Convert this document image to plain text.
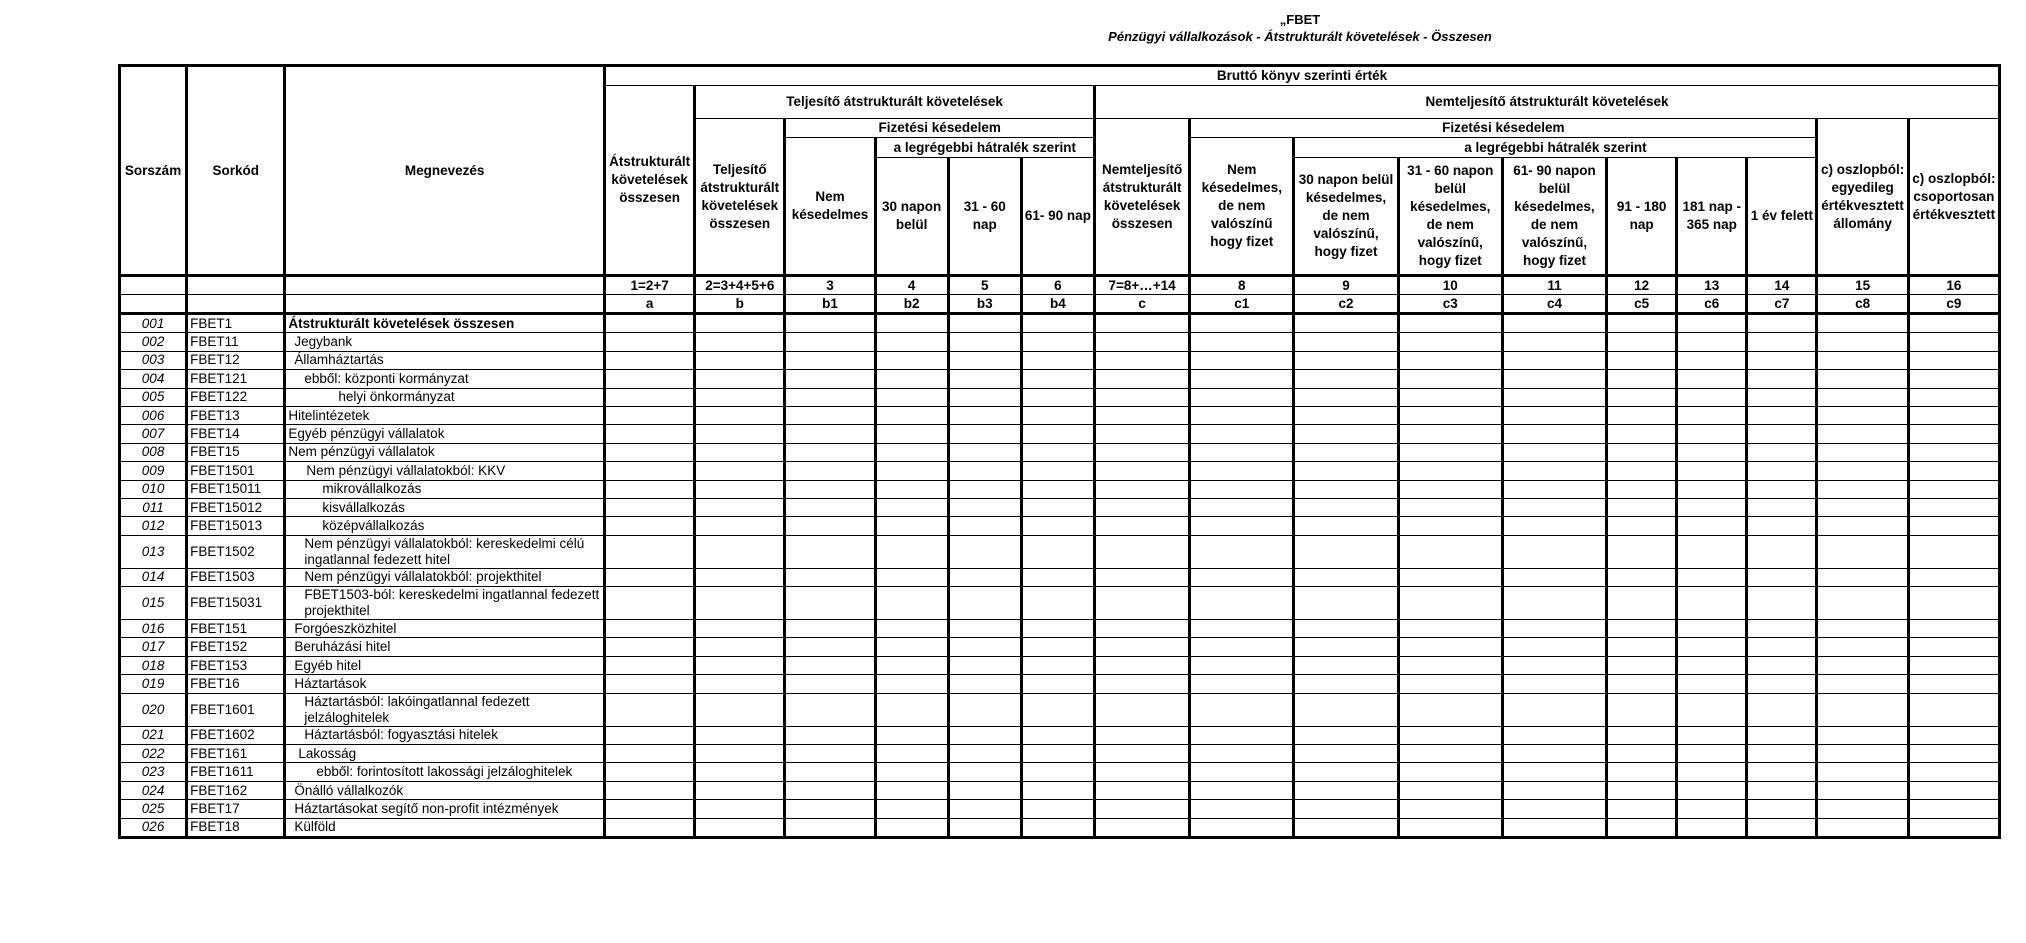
„FBET
Pénzügyi vállalkozások - Átstrukturált követelések - Összesen
Sorszám	Sorkód	Megnevezés	Bruttó könyv szerinti érték															
			Átstrukturált követelések összesen	Teljesítő átstrukturált követelések					Nemteljesítő átstrukturált követelések									
				Teljesítő átstrukturált követelések összesen	Fizetési késedelem				Nemteljesítő átstrukturált követelések összesen	Fizetési késedelem							c) oszlopból: egyedileg értékvesztett állomány	c) oszlopból: csoportosan értékvesztett
					Nem késedelmes	a legrégebbi hátralék szerint				Nem késedelmes, de nem valószínű hogy fizet	a legrégebbi hátralék szerint							
						30 napon belül	31 - 60 nap	61- 90 nap			30 napon belül késedelmes, de nem valószínű, hogy fizet	31 - 60 napon belül késedelmes, de nem valószínű, hogy fizet	61- 90 napon belül késedelmes, de nem valószínű, hogy fizet	91 - 180 nap	181 nap - 365 nap	1 év felett		
			1=2+7	2=3+4+5+6	3	4	5	6	7=8+…+14	8	9	10	11	12	13	14	15	16
			a	b	b1	b2	b3	b4	c	c1	c2	c3	c4	c5	c6	c7	c8	c9
001	FBET1	Átstrukturált követelések összesen																
002	FBET11	Jegybank																
003	FBET12	Államháztartás																
004	FBET121	ebből: központi kormányzat																
005	FBET122	helyi önkormányzat																
006	FBET13	Hitelintézetek																
007	FBET14	Egyéb pénzügyi vállalatok																
008	FBET15	Nem pénzügyi vállalatok																
009	FBET1501	Nem pénzügyi vállalatokból: KKV																
010	FBET15011	mikrovállalkozás																
011	FBET15012	kisvállalkozás																
012	FBET15013	középvállalkozás																
013	FBET1502	Nem pénzügyi vállalatokból: kereskedelmi célú ingatlannal fedezett hitel																
014	FBET1503	Nem pénzügyi vállalatokból: projekthitel																
015	FBET15031	FBET1503-ból: kereskedelmi ingatlannal fedezett projekthitel																
016	FBET151	Forgóeszközhitel																
017	FBET152	Beruházási hitel																
018	FBET153	Egyéb hitel																
019	FBET16	Háztartások																
020	FBET1601	Háztartásból: lakóingatlannal fedezett jelzáloghitelek																
021	FBET1602	Háztartásból: fogyasztási hitelek																
022	FBET161	Lakosság																
023	FBET1611	ebből: forintosított lakossági jelzáloghitelek																
024	FBET162	Önálló vállalkozók																
025	FBET17	Háztartásokat segítő non-profit intézmények																
026	FBET18	Külföld																
